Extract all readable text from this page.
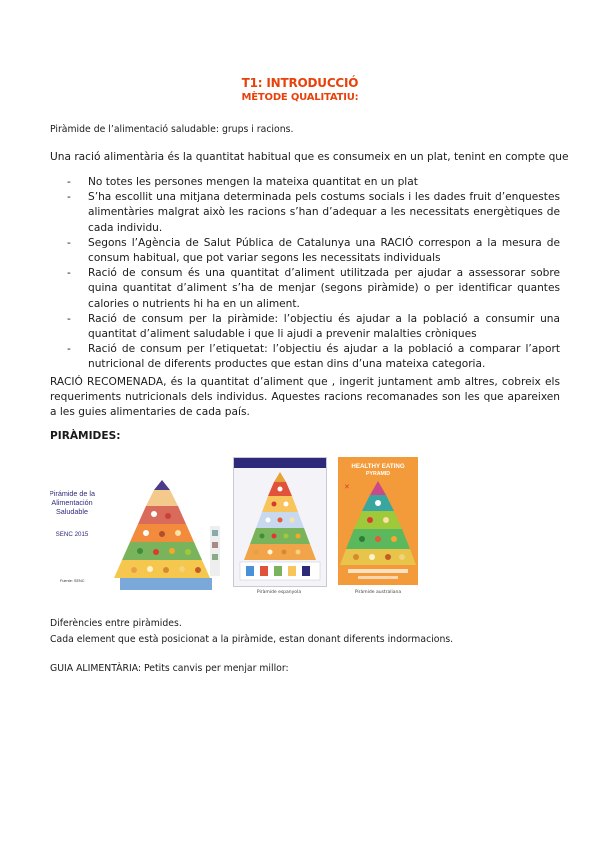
T1: INTRODUCCIÓ
MÈTODE QUALITATIU:
Piràmide de l’alimentació saludable: grups i racions.
Una ració alimentària és la quantitat habitual que es consumeix en un plat, tenint en compte que
- No totes les persones mengen la mateixa quantitat en un plat
- S’ha escollit una mitjana determinada pels costums socials i les dades fruit d’enquestes alimentàries malgrat això les racions s’han d’adequar a les necessitats energètiques de cada individu.
- Segons l’Agència de Salut Pública de Catalunya una RACIÓ correspon a la mesura de consum habitual, que pot variar segons les necessitats individuals
- Ració de consum és una quantitat d’aliment utilitzada per ajudar a assessorar sobre quina quantitat d’aliment s’ha de menjar (segons piràmide) o per identificar quantes calories o nutrients hi ha en un aliment.
- Ració de consum per la piràmide: l’objectiu és ajudar a la població a consumir una quantitat d’aliment saludable i que li ajudi a prevenir malalties cròniques
- Ració de consum per l’etiquetat: l’objectiu és ajudar a la població a comparar l’aport nutricional de diferents productes que estan dins d’una mateixa categoria.
RACIÓ RECOMENADA, és la quantitat d’aliment que , ingerit juntament amb altres, cobreix els requeriments nutricionals dels individus. Aquestes racions recomanades son les que apareixen a les guies alimentaries de cada país.
PIRÀMIDES:
Pirámide de la
Alimentación
Saludable
SENC 2015
Fuente: SENC
Piràmide espanyola
HEALTHY EATING
PYRAMID
✕
Piràmide australiana
Diferències entre piràmides.
Cada element que està posicionat a la piràmide, estan donant diferents indormacions.
GUIA ALIMENTÀRIA: Petits canvis per menjar millor:
